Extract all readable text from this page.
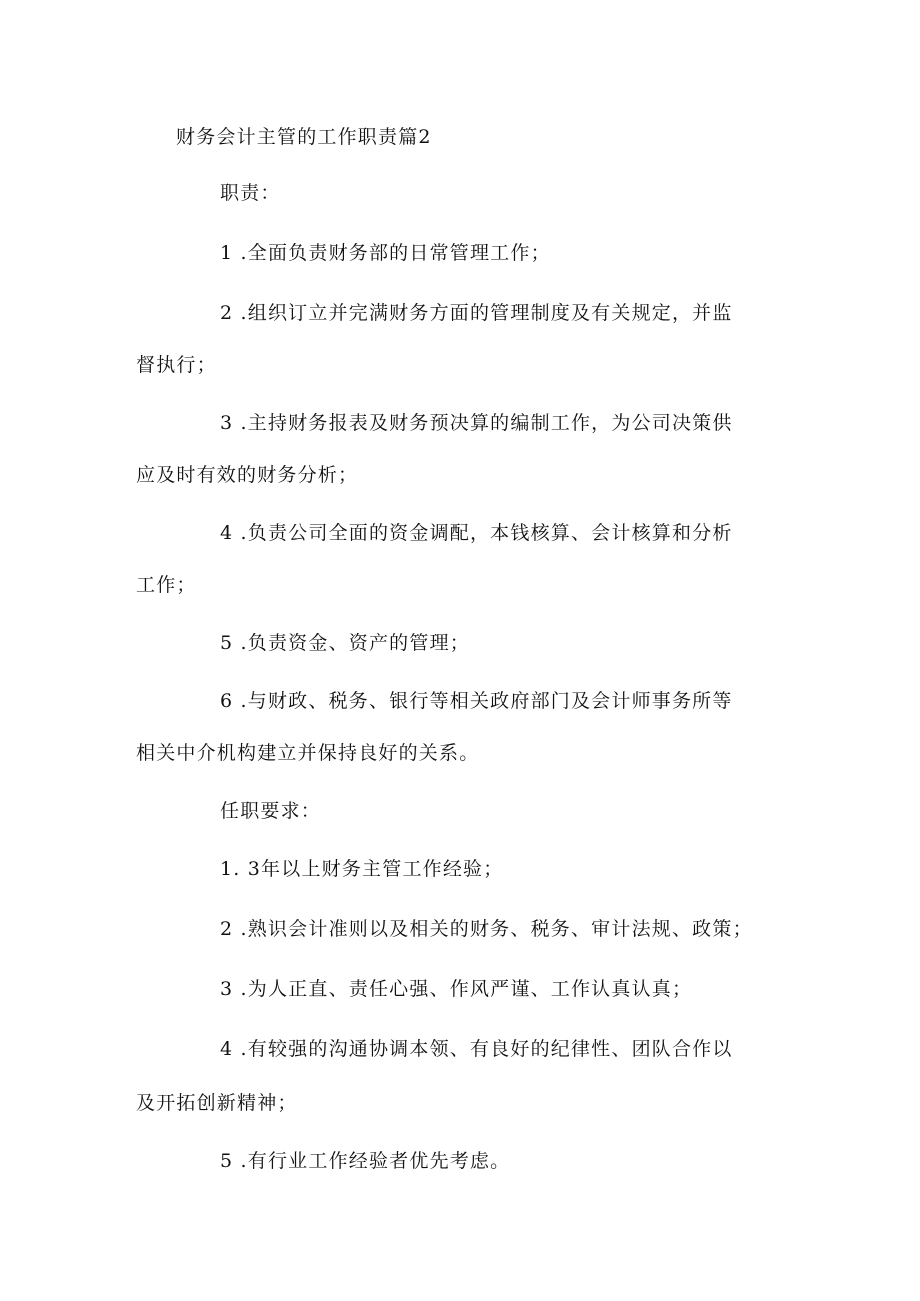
财务会计主管的工作职责篇2
职责：
1 .全面负责财务部的日常管理工作；
2 .组织订立并完满财务方面的管理制度及有关规定，并监
督执行；
3 .主持财务报表及财务预决算的编制工作，为公司决策供
应及时有效的财务分析；
4 .负责公司全面的资金调配，本钱核算、会计核算和分析
工作；
5 .负责资金、资产的管理；
6 .与财政、税务、银行等相关政府部门及会计师事务所等
相关中介机构建立并保持良好的关系。
任职要求：
1. 3年以上财务主管工作经验；
2 .熟识会计准则以及相关的财务、税务、审计法规、政策；
3 .为人正直、责任心强、作风严谨、工作认真认真；
4 .有较强的沟通协调本领、有良好的纪律性、团队合作以
及开拓创新精神；
5 .有行业工作经验者优先考虑。
